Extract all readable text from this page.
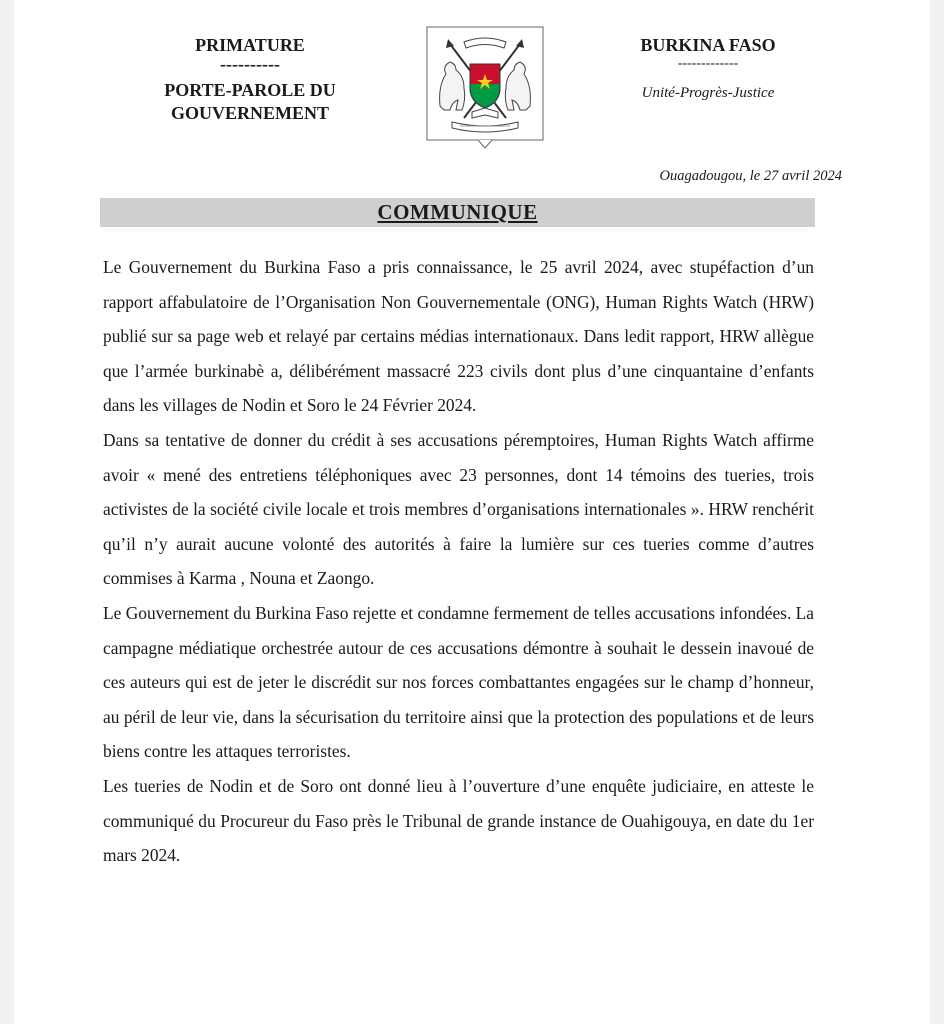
PRIMATURE
----------
PORTE-PAROLE DU
GOUVERNEMENT
BURKINA FASO
-------------
Unité-Progrès-Justice
Ouagadougou, le 27 avril 2024
COMMUNIQUE

Le Gouvernement du Burkina Faso a pris connaissance, le 25 avril 2024, avec stupéfaction d’un rapport affabulatoire de l’Organisation Non Gouvernementale (ONG), Human Rights Watch (HRW) publié sur sa page web et relayé par certains médias internationaux. Dans ledit rapport, HRW allègue que l’armée burkinabè a, délibérément massacré 223 civils dont plus d’une cinquantaine d’enfants dans les villages de Nodin et Soro le 24 Février 2024.

Dans sa tentative de donner du crédit à ses accusations péremptoires, Human Rights Watch affirme avoir « mené des entretiens téléphoniques avec 23 personnes, dont 14 témoins des tueries, trois activistes de la société civile locale et trois membres d’organisations internationales ». HRW renchérit qu’il n’y aurait aucune volonté des autorités à faire la lumière sur ces tueries comme d’autres commises à Karma , Nouna et Zaongo.

Le Gouvernement du Burkina Faso rejette et condamne fermement de telles accusations infondées. La campagne médiatique orchestrée autour de ces accusations démontre à souhait le dessein inavoué de ces auteurs qui est de jeter le discrédit sur nos forces combattantes engagées sur le champ d’honneur, au péril de leur vie, dans la sécurisation du territoire ainsi que la protection des populations et de leurs biens contre les attaques terroristes.

Les tueries de Nodin et de Soro ont donné lieu à l’ouverture d’une enquête judiciaire, en atteste le communiqué du Procureur du Faso près le Tribunal de grande instance de Ouahigouya, en date du 1er mars 2024.
